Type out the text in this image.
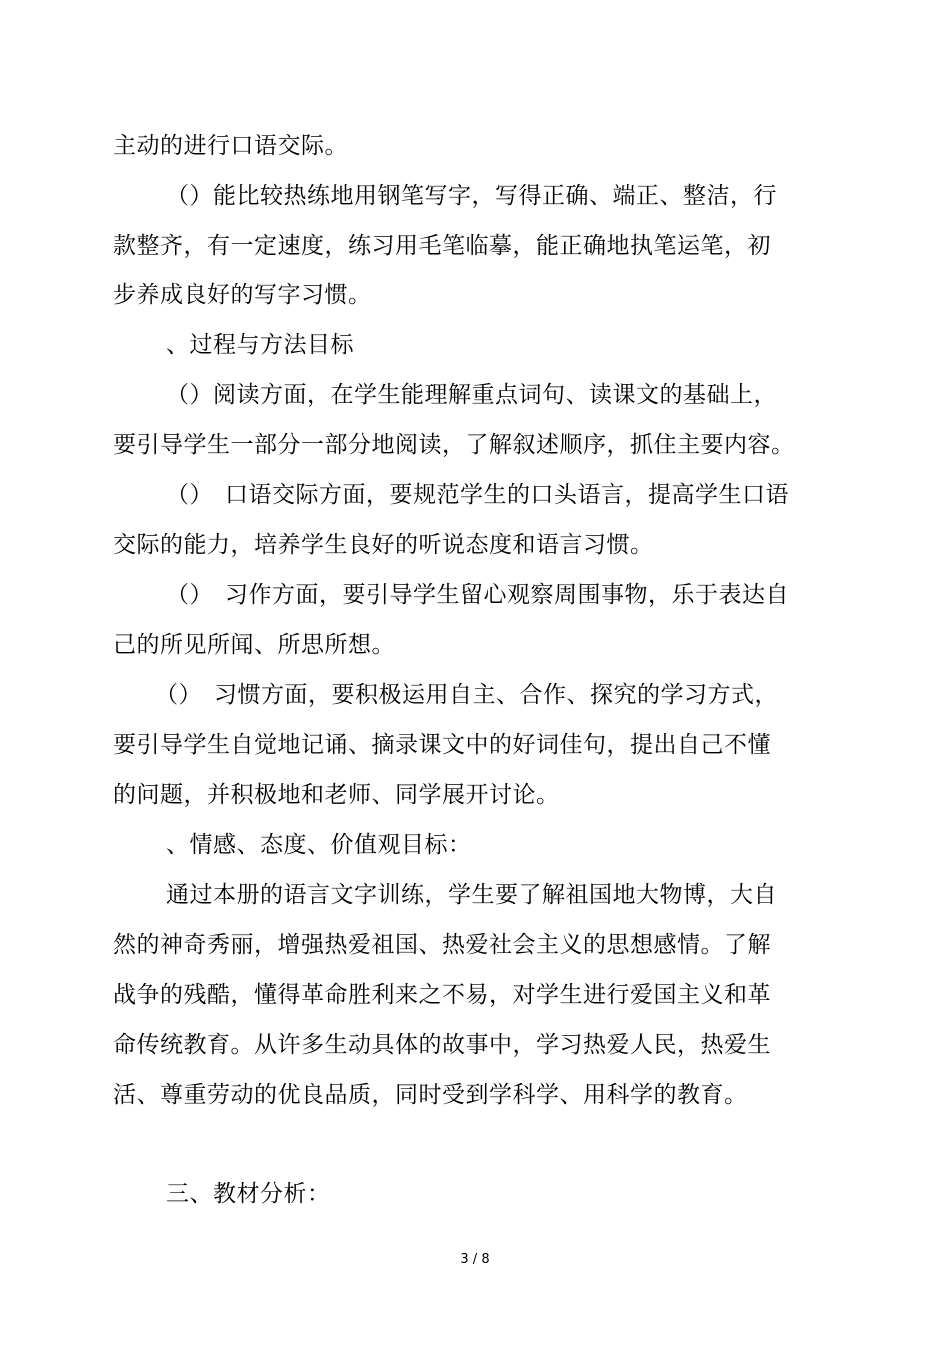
主动的进行口语交际。
（）能比较热练地用钢笔写字，写得正确、端正、整洁，行
款整齐，有一定速度，练习用毛笔临摹，能正确地执笔运笔，初
步养成良好的写字习惯。
、过程与方法目标
（）阅读方面，在学生能理解重点词句、读课文的基础上，
要引导学生一部分一部分地阅读，了解叙述顺序，抓住主要内容。
（）　口语交际方面，要规范学生的口头语言，提高学生口语
交际的能力，培养学生良好的听说态度和语言习惯。
（）　习作方面，要引导学生留心观察周围事物，乐于表达自
己的所见所闻、所思所想。
（）　习惯方面，要积极运用自主、合作、探究的学习方式，
要引导学生自觉地记诵、摘录课文中的好词佳句，提出自己不懂
的问题，并积极地和老师、同学展开讨论。
、情感、态度、价值观目标：
通过本册的语言文字训练，学生要了解祖国地大物博，大自
然的神奇秀丽，增强热爱祖国、热爱社会主义的思想感情。了解
战争的残酷，懂得革命胜利来之不易，对学生进行爱国主义和革
命传统教育。从许多生动具体的故事中，学习热爱人民，热爱生
活、尊重劳动的优良品质，同时受到学科学、用科学的教育。
三、教材分析：
3 / 8
